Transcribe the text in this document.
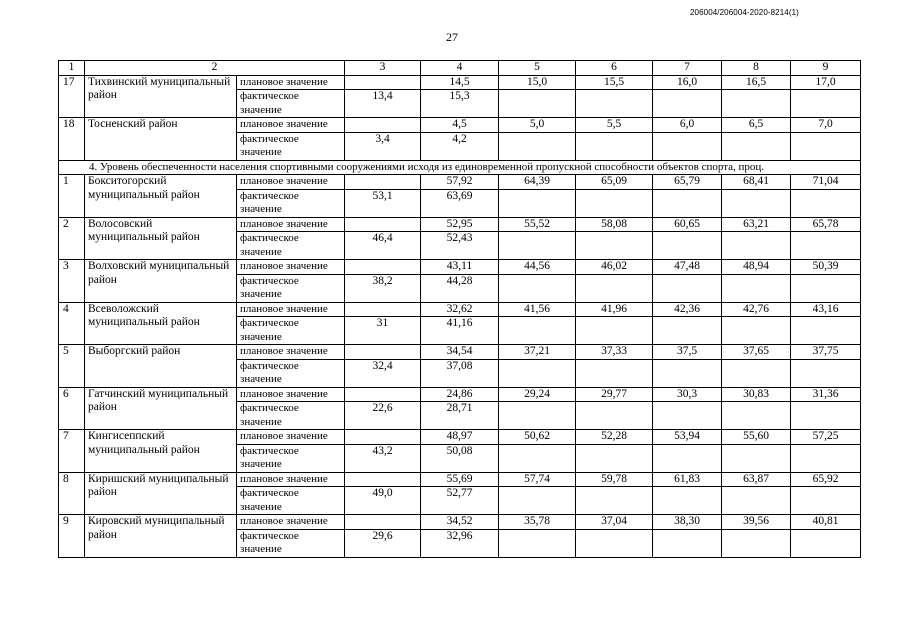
206004/206004-2020-8214(1)
27
1	2		3	4	5	6	7	8	9
17	Тихвинский муниципальный район	плановое значение		14,5	15,0	15,5	16,0	16,5	17,0
		фактическое значение	13,4	15,3					
18	Тосненский район	плановое значение		4,5	5,0	5,5	6,0	6,5	7,0
		фактическое значение	3,4	4,2					
4. Уровень обеспеченности населения спортивными сооружениями исходя из единовременной пропускной способности объектов спорта, проц.									
1	Бокситогорский муниципальный район	плановое значение		57,92	64,39	65,09	65,79	68,41	71,04
		фактическое значение	53,1	63,69					
2	Волосовский муниципальный район	плановое значение		52,95	55,52	58,08	60,65	63,21	65,78
		фактическое значение	46,4	52,43					
3	Волховский муниципальный район	плановое значение		43,11	44,56	46,02	47,48	48,94	50,39
		фактическое значение	38,2	44,28					
4	Всеволожский муниципальный район	плановое значение		32,62	41,56	41,96	42,36	42,76	43,16
		фактическое значение	31	41,16					
5	Выборгский район	плановое значение		34,54	37,21	37,33	37,5	37,65	37,75
		фактическое значение	32,4	37,08					
6	Гатчинский муниципальный район	плановое значение		24,86	29,24	29,77	30,3	30,83	31,36
		фактическое значение	22,6	28,71					
7	Кингисеппский муниципальный район	плановое значение		48,97	50,62	52,28	53,94	55,60	57,25
		фактическое значение	43,2	50,08					
8	Киришский муниципальный район	плановое значение		55,69	57,74	59,78	61,83	63,87	65,92
		фактическое значение	49,0	52,77					
9	Кировский муниципальный район	плановое значение		34,52	35,78	37,04	38,30	39,56	40,81
		фактическое значение	29,6	32,96					
